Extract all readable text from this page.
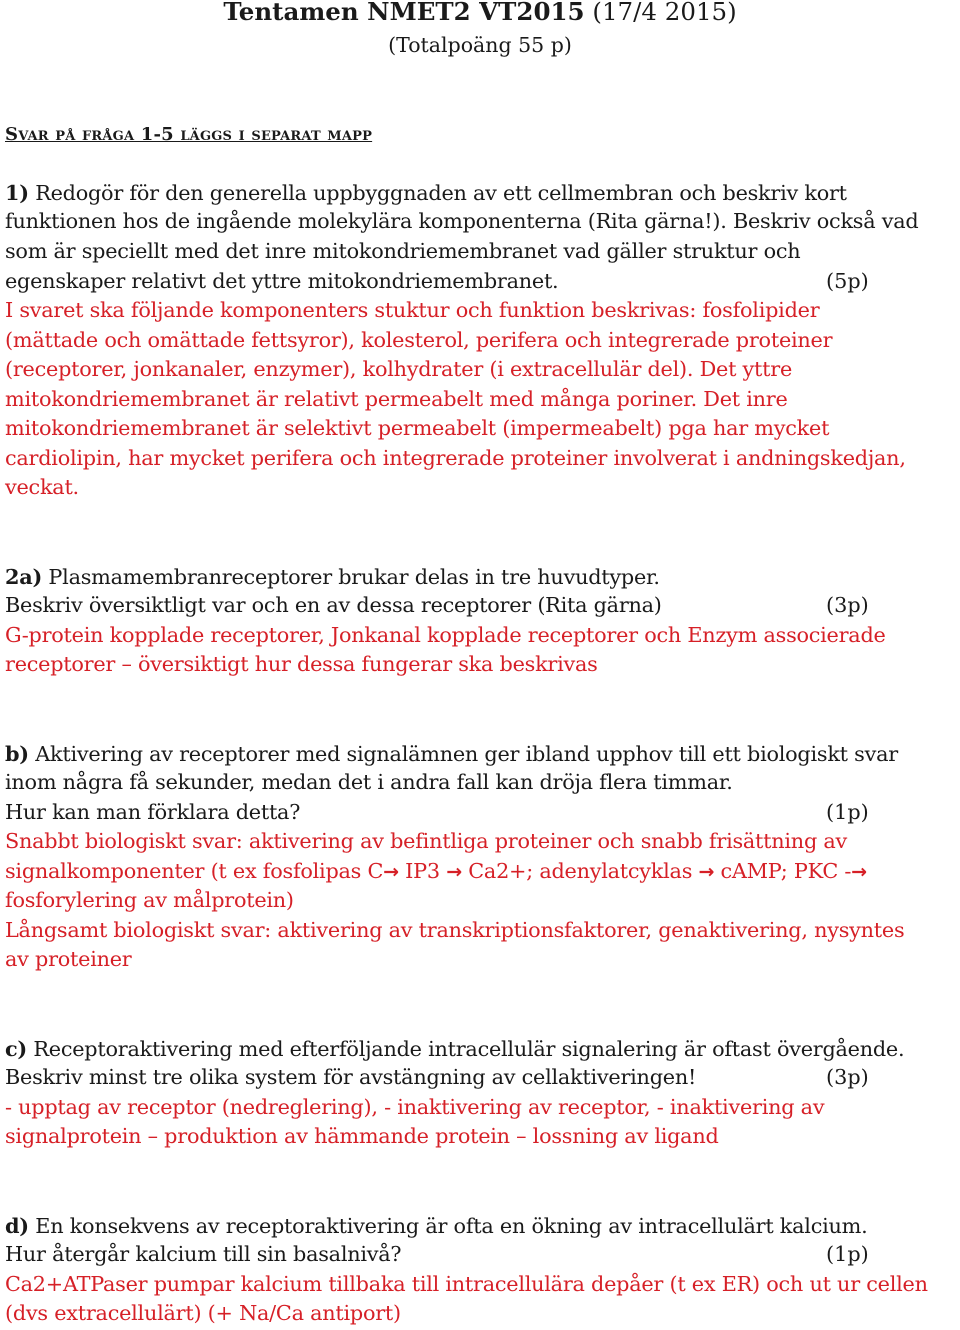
Tentamen NMET2 VT2015 (17/4 2015)
(Totalpoäng 55 p)
Svar på fråga 1-5 läggs i separat mapp
1) Redogör för den generella uppbyggnaden av ett cellmembran och beskriv kort
funktionen hos de ingående molekylära komponenterna (Rita gärna!). Beskriv också vad
som är speciellt med det inre mitokondriemembranet vad gäller struktur och
egenskaper relativt det yttre mitokondriemembranet.	(5p)
I svaret ska följande komponenters stuktur och funktion beskrivas: fosfolipider
(mättade och omättade fettsyror), kolesterol, perifera och integrerade proteiner
(receptorer, jonkanaler, enzymer), kolhydrater (i extracellulär del). Det yttre
mitokondriemembranet är relativt permeabelt med många poriner. Det inre
mitokondriemembranet är selektivt permeabelt (impermeabelt) pga har mycket
cardiolipin, har mycket perifera och integrerade proteiner involverat i andningskedjan,
veckat.
2a) Plasmamembranreceptorer brukar delas in tre huvudtyper.
Beskriv översiktligt var och en av dessa receptorer (Rita gärna)	(3p)
G-protein kopplade receptorer, Jonkanal kopplade receptorer och Enzym associerade
receptorer – översiktigt hur dessa fungerar ska beskrivas
b) Aktivering av receptorer med signalämnen ger ibland upphov till ett biologiskt svar
inom några få sekunder, medan det i andra fall kan dröja flera timmar.
Hur kan man förklara detta?	(1p)
Snabbt biologiskt svar: aktivering av befintliga proteiner och snabb frisättning av
signalkomponenter (t ex fosfolipas C→ IP3 → Ca2+; adenylatcyklas → cAMP; PKC -→
fosforylering av målprotein)
Långsamt biologiskt svar: aktivering av transkriptionsfaktorer, genaktivering, nysyntes
av proteiner
c) Receptoraktivering med efterföljande intracellulär signalering är oftast övergående.
Beskriv minst tre olika system för avstängning av cellaktiveringen!	(3p)
- upptag av receptor (nedreglering), - inaktivering av receptor, - inaktivering av
signalprotein – produktion av hämmande protein – lossning av ligand
d) En konsekvens av receptoraktivering är ofta en ökning av intracellulärt kalcium.
Hur återgår kalcium till sin basalnivå?	(1p)
Ca2+ATPaser pumpar kalcium tillbaka till intracellulära depåer (t ex ER) och ut ur cellen
(dvs extracellulärt) (+ Na/Ca antiport)
